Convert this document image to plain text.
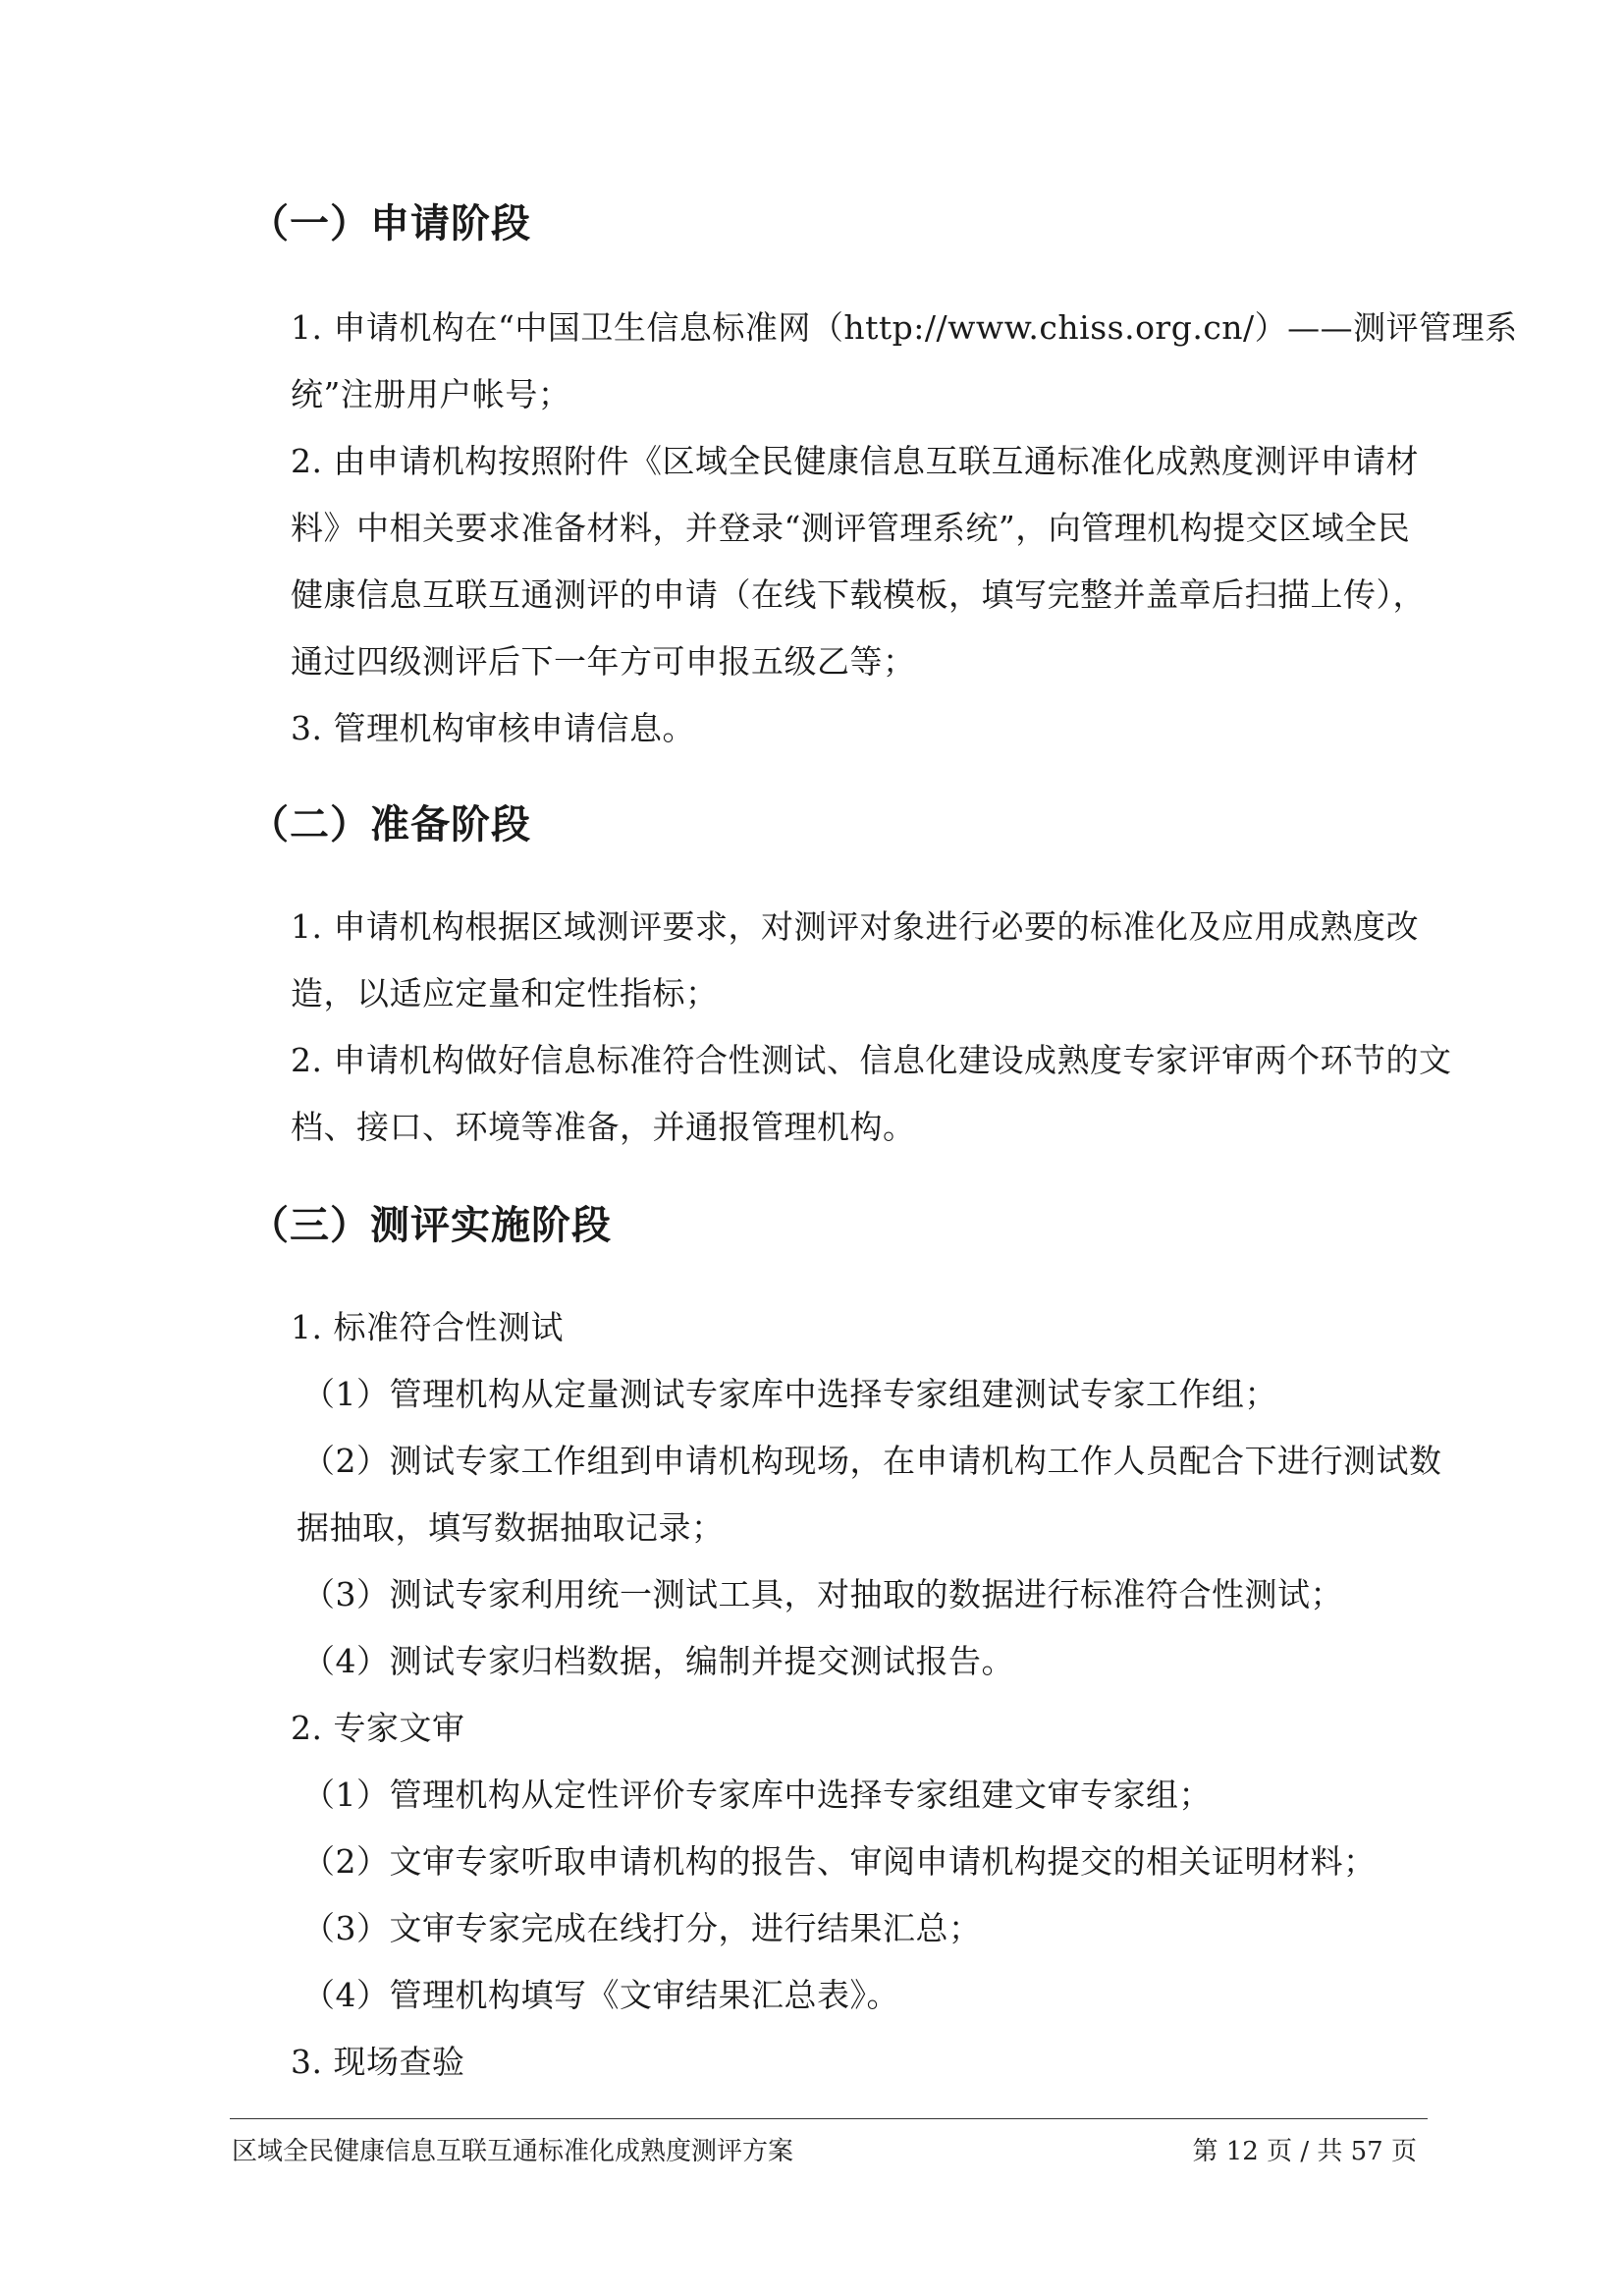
（一）申请阶段
1. 申请机构在“中国卫生信息标准网（http://www.chiss.org.cn/）——测评管理系
统”注册用户帐号；
2. 由申请机构按照附件《区域全民健康信息互联互通标准化成熟度测评申请材
料》中相关要求准备材料，并登录“测评管理系统”，向管理机构提交区域全民
健康信息互联互通测评的申请（在线下载模板，填写完整并盖章后扫描上传），
通过四级测评后下一年方可申报五级乙等；
3. 管理机构审核申请信息。
（二）准备阶段
1. 申请机构根据区域测评要求，对测评对象进行必要的标准化及应用成熟度改
造，以适应定量和定性指标；
2. 申请机构做好信息标准符合性测试、信息化建设成熟度专家评审两个环节的文
档、接口、环境等准备，并通报管理机构。
（三）测评实施阶段
1. 标准符合性测试
（1）管理机构从定量测试专家库中选择专家组建测试专家工作组；
（2）测试专家工作组到申请机构现场，在申请机构工作人员配合下进行测试数
据抽取，填写数据抽取记录；
（3）测试专家利用统一测试工具，对抽取的数据进行标准符合性测试；
（4）测试专家归档数据，编制并提交测试报告。
2. 专家文审
（1）管理机构从定性评价专家库中选择专家组建文审专家组；
（2）文审专家听取申请机构的报告、审阅申请机构提交的相关证明材料；
（3）文审专家完成在线打分，进行结果汇总；
（4）管理机构填写《文审结果汇总表》。
3. 现场查验
区域全民健康信息互联互通标准化成熟度测评方案	第 12 页 / 共 57 页
